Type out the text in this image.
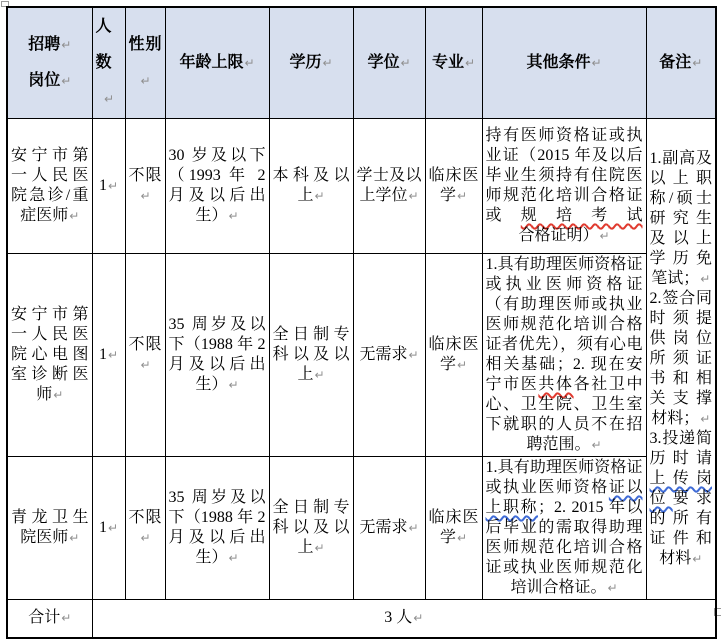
招聘↵
岗位↵	人数↵	性别↵	年龄上限↵	学历↵	学位↵	专业↵	其他条件↵	备注↵

安宁市第一人民医院急诊/重症医师↵	1↵	不限↵	30 岁及以下（1993 年 2 月及以后出生）↵	本科及以上↵	学士及以上学位↵	临床医学↵	持有医师资格证或执业证（2015 年及以后毕业生须持有住院医师规范化培训合格证或规培考试合格证明）↵	1.副高及以上职称/硕士研究生及以上学历免笔试；↵
2.签合同时须提供岗位所须证书和相关支撑材料；↵
3.投递简历时请上传岗位要求的所有证件和材料↵

安宁市第一人民医院心电图室诊断医师↵	1↵	不限↵	35 周岁及以下（1988 年 2 月及以后出生）↵	全日制专科以及以上↵	无需求↵	临床医学↵	1.具有助理医师资格证或执业医师资格证（有助理医师或执业医师规范化培训合格证者优先），须有心电相关基础；2. 现在安宁市医共体各社卫中心、卫生院、卫生室下就职的人员不在招聘范围。↵	

青龙卫生院医师↵	1↵	不限↵	35 周岁及以下（1988 年 2 月及以后出生）↵	全日制专科以及以上↵	无需求↵	临床医学↵	1.具有助理医师资格证或执业医师资格证以上职称；2. 2015 年以后毕业的需取得助理医师规范化培训合格证或执业医师规范化培训合格证。↵	

合计↵	3 人↵							
